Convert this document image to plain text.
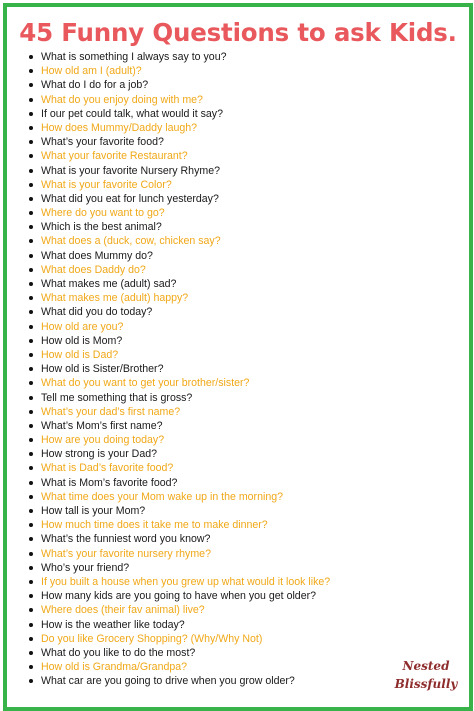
45 Funny Questions to ask Kids.
What is something I always say to you?
How old am I (adult)?
What do I do for a job?
What do you enjoy doing with me?
If our pet could talk, what would it say?
How does Mummy/Daddy laugh?
What’s your favorite food?
What your favorite Restaurant?
What is your favorite Nursery Rhyme?
What is your favorite Color?
What did you eat for lunch yesterday?
Where do you want to go?
Which is the best animal?
What does a (duck, cow, chicken say?
What does Mummy do?
What does Daddy do?
What makes me (adult) sad?
What makes me (adult) happy?
What did you do today?
How old are you?
How old is Mom?
How old is Dad?
How old is Sister/Brother?
What do you want to get your brother/sister?
Tell me something that is gross?
What’s your dad’s first name?
What’s Mom’s first name?
How are you doing today?
How strong is your Dad?
What is Dad’s favorite food?
What is Mom’s favorite food?
What time does your Mom wake up in the morning?
How tall is your Mom?
How much time does it take me to make dinner?
What’s the funniest word you know?
What’s your favorite nursery rhyme?
Who’s your friend?
If you built a house when you grew up what would it look like?
How many kids are you going to have when you get older?
Where does (their fav animal) live?
How is the weather like today?
Do you like Grocery Shopping? (Why/Why Not)
What do you like to do the most?
How old is Grandma/Grandpa?
What car are you going to drive when you grow older?
Nested
Blissfully
